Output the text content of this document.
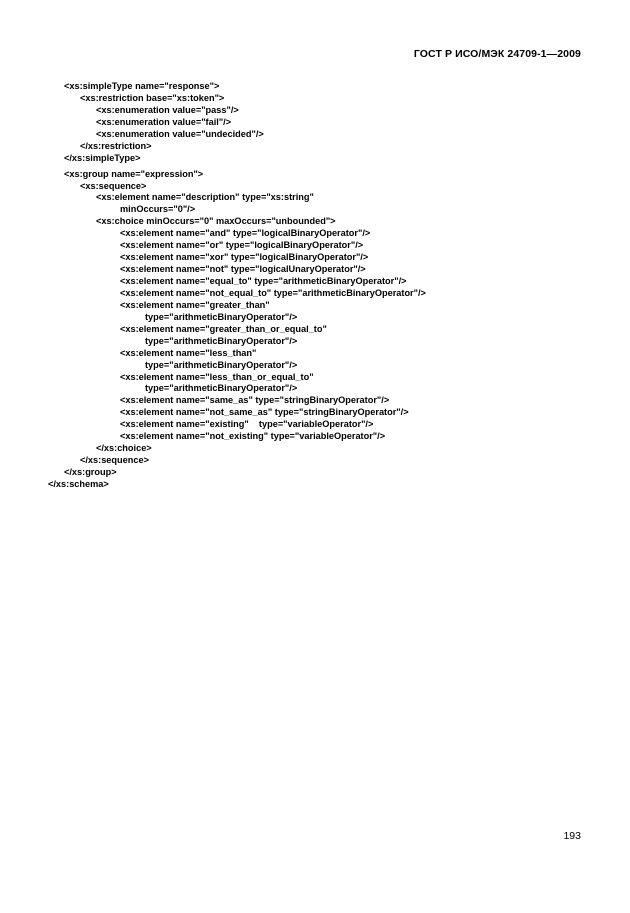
ГОСТ Р ИСО/МЭК 24709-1—2009
<xs:simpleType name="response">
<xs:restriction base="xs:token">
<xs:enumeration value="pass"/>
<xs:enumeration value="fail"/>
<xs:enumeration value="undecided"/>
</xs:restriction>
</xs:simpleType>
<xs:group name="expression">
<xs:sequence>
<xs:element name="description" type="xs:string"
minOccurs="0"/>
<xs:choice minOccurs="0" maxOccurs="unbounded">
<xs:element name="and" type="logicalBinaryOperator"/>
<xs:element name="or" type="logicalBinaryOperator"/>
<xs:element name="xor" type="logicalBinaryOperator"/>
<xs:element name="not" type="logicalUnaryOperator"/>
<xs:element name="equal_to" type="arithmeticBinaryOperator"/>
<xs:element name="not_equal_to" type="arithmeticBinaryOperator"/>
<xs:element name="greater_than"
type="arithmeticBinaryOperator"/>
<xs:element name="greater_than_or_equal_to"
type="arithmeticBinaryOperator"/>
<xs:element name="less_than"
type="arithmeticBinaryOperator"/>
<xs:element name="less_than_or_equal_to"
type="arithmeticBinaryOperator"/>
<xs:element name="same_as" type="stringBinaryOperator"/>
<xs:element name="not_same_as" type="stringBinaryOperator"/>
<xs:element name="existing"    type="variableOperator"/>
<xs:element name="not_existing" type="variableOperator"/>
</xs:choice>
</xs:sequence>
</xs:group>
</xs:schema>
193
